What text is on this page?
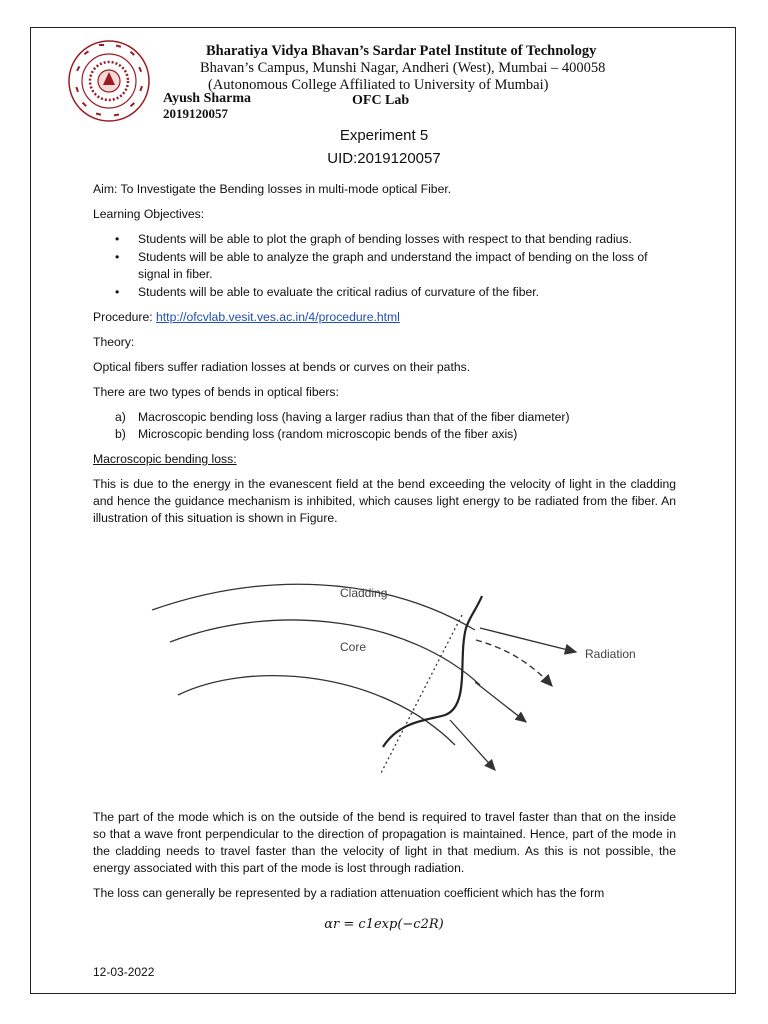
Bharatiya Vidya Bhavan’s Sardar Patel Institute of Technology
Bhavan’s Campus, Munshi Nagar, Andheri (West), Mumbai – 400058
(Autonomous College Affiliated to University of Mumbai)
Ayush Sharma
2019120057
OFC Lab
Experiment 5
UID:2019120057

Aim: To Investigate the Bending losses in multi-mode optical Fiber.

Learning Objectives:

• Students will be able to plot the graph of bending losses with respect to that bending radius.
• Students will be able to analyze the graph and understand the impact of bending on the loss of signal in fiber.
• Students will be able to evaluate the critical radius of curvature of the fiber.

Procedure: http://ofcvlab.vesit.ves.ac.in/4/procedure.html

Theory:

Optical fibers suffer radiation losses at bends or curves on their paths.

There are two types of bends in optical fibers:

a) Macroscopic bending loss (having a larger radius than that of the fiber diameter)
b) Microscopic bending loss (random microscopic bends of the fiber axis)

Macroscopic bending loss:

This is due to the energy in the evanescent field at the bend exceeding the velocity of light in the cladding and hence the guidance mechanism is inhibited, which causes light energy to be radiated from the fiber. An illustration of this situation is shown in Figure.

Cladding
Core	Radiation

The part of the mode which is on the outside of the bend is required to travel faster than that on the inside so that a wave front perpendicular to the direction of propagation is maintained. Hence, part of the mode in the cladding needs to travel faster than the velocity of light in that medium. As this is not possible, the energy associated with this part of the mode is lost through radiation.

The loss can generally be represented by a radiation attenuation coefficient which has the form

αr = c1exp(−c2R)
12-03-2022
